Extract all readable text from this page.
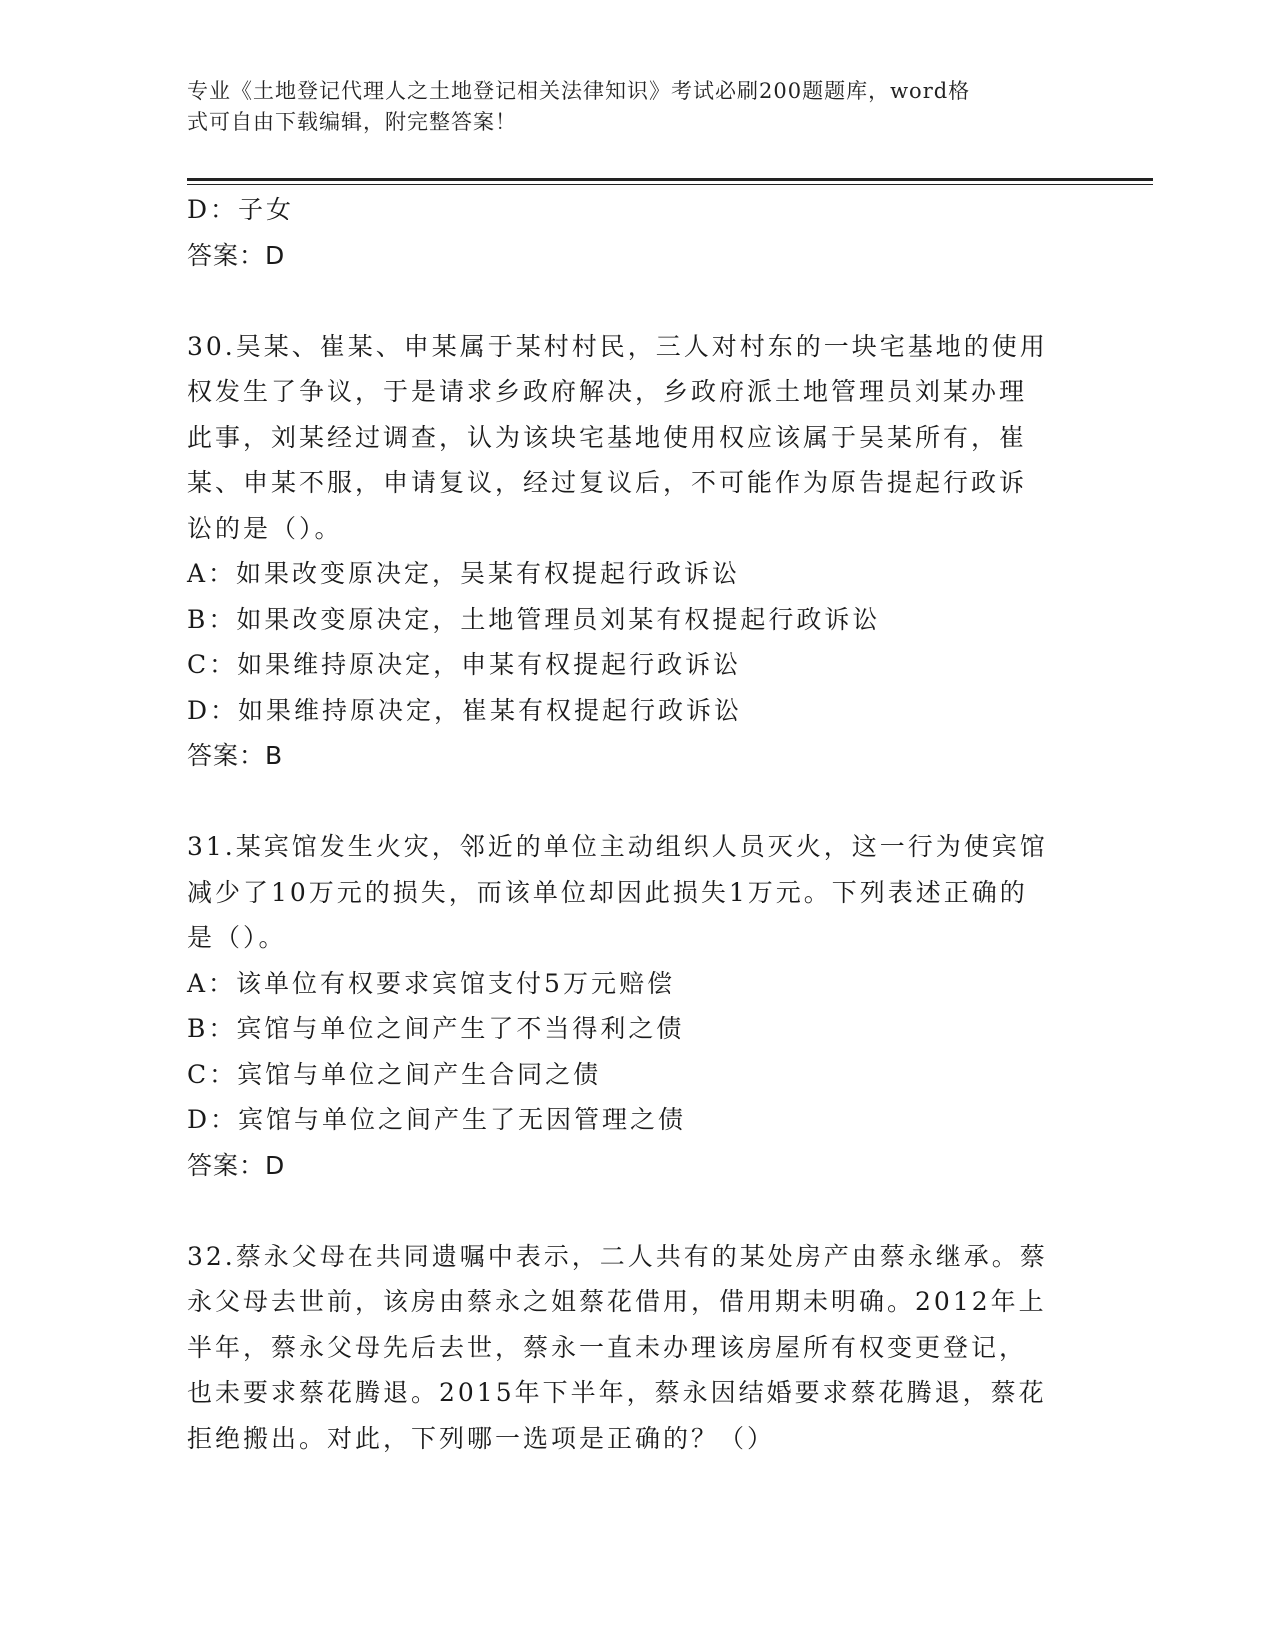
专业《土地登记代理人之土地登记相关法律知识》考试必刷200题题库，word格
式可自由下载编辑，附完整答案！
D：子女
答案：D
30.吴某、崔某、申某属于某村村民，三人对村东的一块宅基地的使用
权发生了争议，于是请求乡政府解决，乡政府派土地管理员刘某办理
此事，刘某经过调查，认为该块宅基地使用权应该属于吴某所有，崔
某、申某不服，申请复议，经过复议后，不可能作为原告提起行政诉
讼的是（）。
A：如果改变原决定，吴某有权提起行政诉讼
B：如果改变原决定，土地管理员刘某有权提起行政诉讼
C：如果维持原决定，申某有权提起行政诉讼
D：如果维持原决定，崔某有权提起行政诉讼
答案：B
31.某宾馆发生火灾，邻近的单位主动组织人员灭火，这一行为使宾馆
减少了10万元的损失，而该单位却因此损失1万元。下列表述正确的
是（）。
A：该单位有权要求宾馆支付5万元赔偿
B：宾馆与单位之间产生了不当得利之债
C：宾馆与单位之间产生合同之债
D：宾馆与单位之间产生了无因管理之债
答案：D
32.蔡永父母在共同遗嘱中表示，二人共有的某处房产由蔡永继承。蔡
永父母去世前，该房由蔡永之姐蔡花借用，借用期未明确。2012年上
半年，蔡永父母先后去世，蔡永一直未办理该房屋所有权变更登记，
也未要求蔡花腾退。2015年下半年，蔡永因结婚要求蔡花腾退，蔡花
拒绝搬出。对此，下列哪一选项是正确的？（）
